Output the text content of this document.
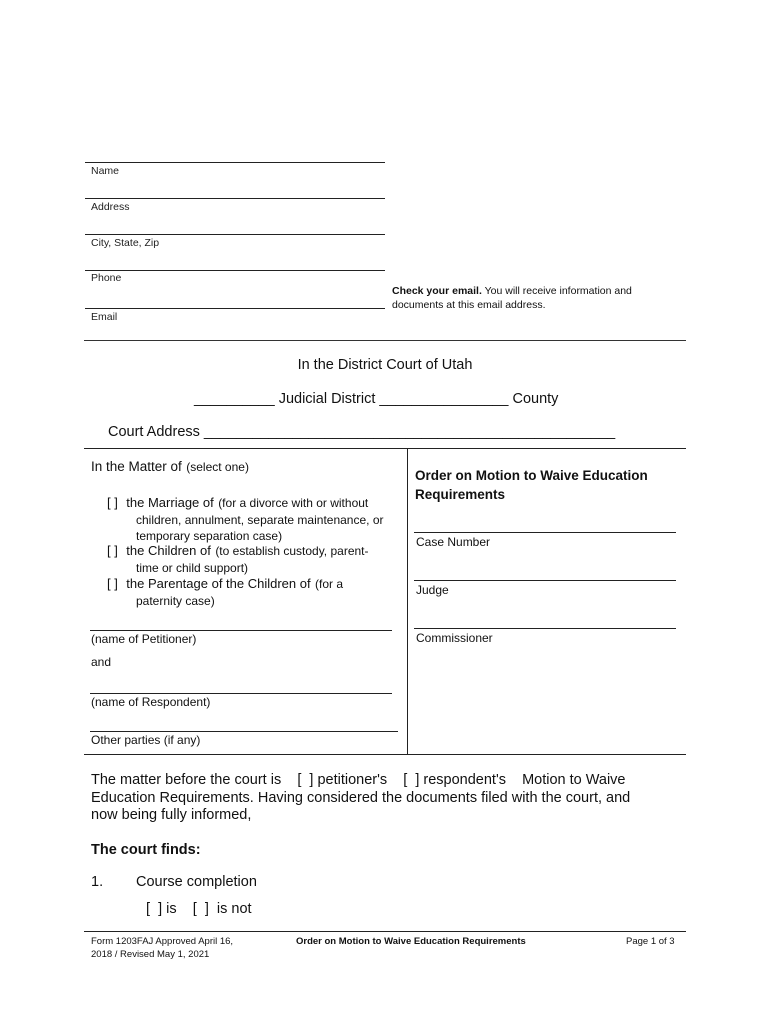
Name
Address
City, State, Zip
Phone
Email
Check your email. You will receive information and
documents at this email address.
In the District Court of Utah
__________ Judicial District ________________ County
Court Address ___________________________________________________
In the Matter of (select one)
[ ] the Marriage of (for a divorce with or without
children, annulment, separate maintenance, or
temporary separation case)
[ ] the Children of (to establish custody, parent-
time or child support)
[ ] the Parentage of the Children of (for a
paternity case)
(name of Petitioner)
and
(name of Respondent)
Other parties (if any)
Order on Motion to Waive Education
Requirements
Case Number
Judge
Commissioner
The matter before the court is    [  ] petitioner's    [  ] respondent's    Motion to Waive
Education Requirements. Having considered the documents filed with the court, and
now being fully informed,
The court finds:
1. Course completion
[  ] is    [  ]  is not
Form 1203FAJ Approved April 16,
2018 / Revised May 1, 2021
Order on Motion to Waive Education Requirements	Page 1 of 3
